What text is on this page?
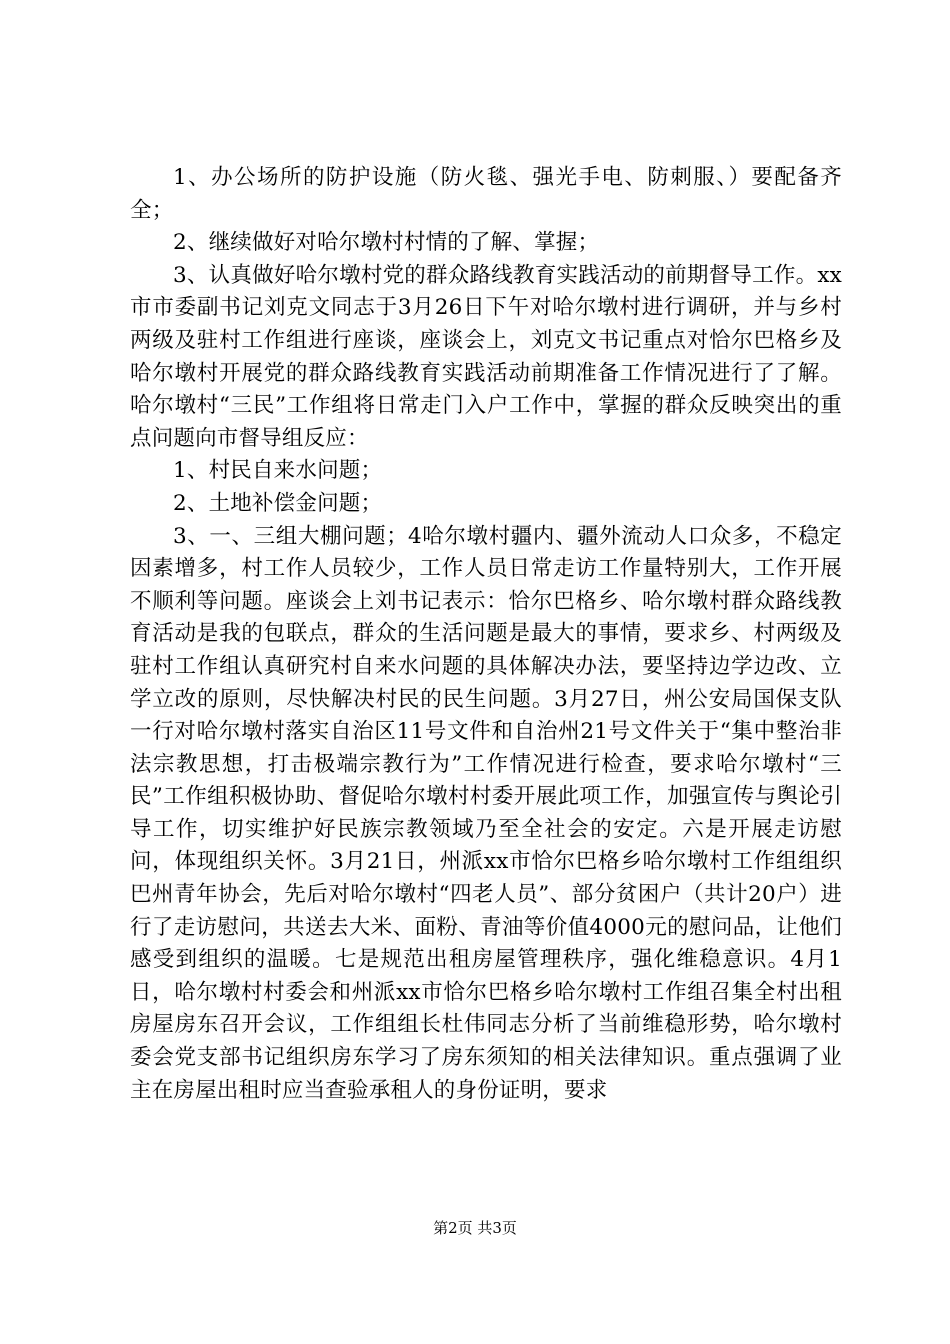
1、办公场所的防护设施（防火毯、强光手电、防刺服、）要配备齐全；

2、继续做好对哈尔墩村村情的了解、掌握；

3、认真做好哈尔墩村党的群众路线教育实践活动的前期督导工作。xx市市委副书记刘克文同志于3月26日下午对哈尔墩村进行调研，并与乡村两级及驻村工作组进行座谈，座谈会上，刘克文书记重点对恰尔巴格乡及哈尔墩村开展党的群众路线教育实践活动前期准备工作情况进行了了解。哈尔墩村“三民”工作组将日常走门入户工作中，掌握的群众反映突出的重点问题向市督导组反应：

1、村民自来水问题；

2、土地补偿金问题；

3、一、三组大棚问题；4哈尔墩村疆内、疆外流动人口众多，不稳定因素增多，村工作人员较少，工作人员日常走访工作量特别大，工作开展不顺利等问题。座谈会上刘书记表示：恰尔巴格乡、哈尔墩村群众路线教育活动是我的包联点，群众的生活问题是最大的事情，要求乡、村两级及驻村工作组认真研究村自来水问题的具体解决办法，要坚持边学边改、立学立改的原则，尽快解决村民的民生问题。3月27日，州公安局国保支队一行对哈尔墩村落实自治区11号文件和自治州21号文件关于“集中整治非法宗教思想，打击极端宗教行为”工作情况进行检查，要求哈尔墩村“三民”工作组积极协助、督促哈尔墩村村委开展此项工作，加强宣传与舆论引导工作，切实维护好民族宗教领域乃至全社会的安定。六是开展走访慰问，体现组织关怀。3月21日，州派xx市恰尔巴格乡哈尔墩村工作组组织巴州青年协会，先后对哈尔墩村“四老人员”、部分贫困户（共计20户）进行了走访慰问，共送去大米、面粉、青油等价值4000元的慰问品，让他们感受到组织的温暖。七是规范出租房屋管理秩序，强化维稳意识。4月1日，哈尔墩村村委会和州派xx市恰尔巴格乡哈尔墩村工作组召集全村出租房屋房东召开会议，工作组组长杜伟同志分析了当前维稳形势，哈尔墩村委会党支部书记组织房东学习了房东须知的相关法律知识。重点强调了业主在房屋出租时应当查验承租人的身份证明，要求

第2页 共3页
